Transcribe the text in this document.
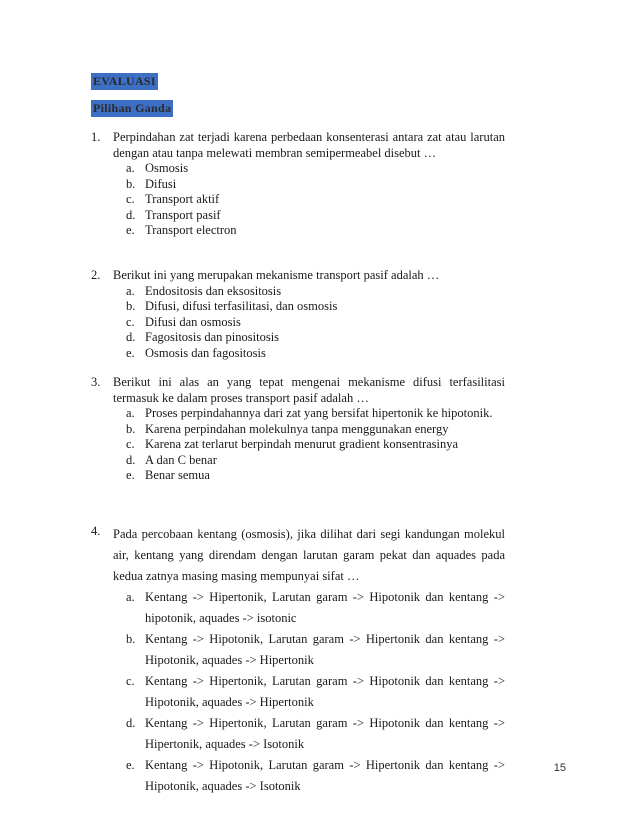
EVALUASI
Pilihan Ganda
1. Perpindahan zat terjadi karena perbedaan konsenterasi antara zat atau larutan dengan atau tanpa melewati membran semipermeabel disebut …
a. Osmosis
b. Difusi
c. Transport aktif
d. Transport pasif
e. Transport electron
2. Berikut ini yang merupakan mekanisme transport pasif adalah …
a. Endositosis dan eksositosis
b. Difusi, difusi terfasilitasi, dan osmosis
c. Difusi dan osmosis
d. Fagositosis dan pinositosis
e. Osmosis dan fagositosis
3. Berikut ini alas an yang tepat mengenai mekanisme difusi terfasilitasi termasuk ke dalam proses transport pasif adalah …
a. Proses perpindahannya dari zat yang bersifat hipertonik ke hipotonik.
b. Karena perpindahan molekulnya tanpa menggunakan energy
c. Karena zat terlarut berpindah menurut gradient konsentrasinya
d. A dan C benar
e. Benar semua
4. Pada percobaan kentang (osmosis), jika dilihat dari segi kandungan molekul air, kentang yang direndam dengan larutan garam pekat dan aquades pada kedua zatnya masing masing mempunyai sifat …
a. Kentang -> Hipertonik, Larutan garam -> Hipotonik dan kentang -> hipotonik, aquades -> isotonic
b. Kentang -> Hipotonik, Larutan garam -> Hipertonik dan kentang -> Hipotonik, aquades -> Hipertonik
c. Kentang -> Hipertonik, Larutan garam -> Hipotonik dan kentang -> Hipotonik, aquades -> Hipertonik
d. Kentang -> Hipertonik, Larutan garam -> Hipotonik dan kentang -> Hipertonik, aquades -> Isotonik
e. Kentang -> Hipotonik, Larutan garam -> Hipertonik dan kentang -> Hipotonik, aquades -> Isotonik
15
